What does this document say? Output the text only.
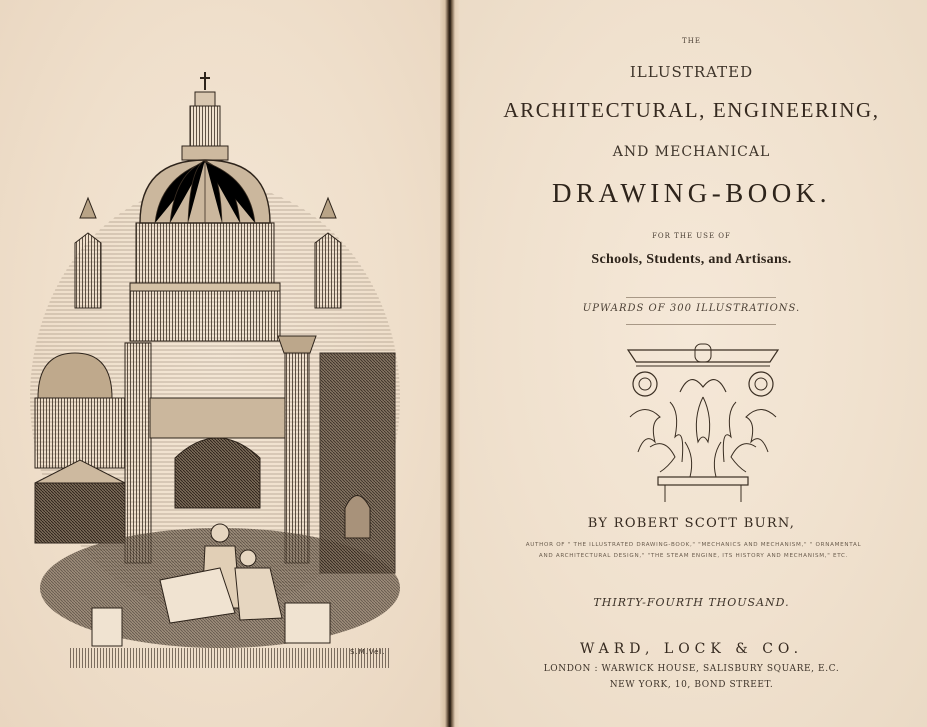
S.M.Vel.
THE
ILLUSTRATED
ARCHITECTURAL, ENGINEERING,
AND MECHANICAL
DRAWING-BOOK.
FOR THE USE OF
Schools, Students, and Artisans.
UPWARDS OF 300 ILLUSTRATIONS.
BY ROBERT SCOTT BURN,
AUTHOR OF " THE ILLUSTRATED DRAWING-BOOK," "MECHANICS AND MECHANISM," " ORNAMENTAL
AND ARCHITECTURAL DESIGN," "THE STEAM ENGINE, ITS HISTORY AND MECHANISM," ETC.
THIRTY-FOURTH THOUSAND.
WARD, LOCK & CO.
LONDON : WARWICK HOUSE, SALISBURY SQUARE, E.C.
NEW YORK, 10, BOND STREET.
